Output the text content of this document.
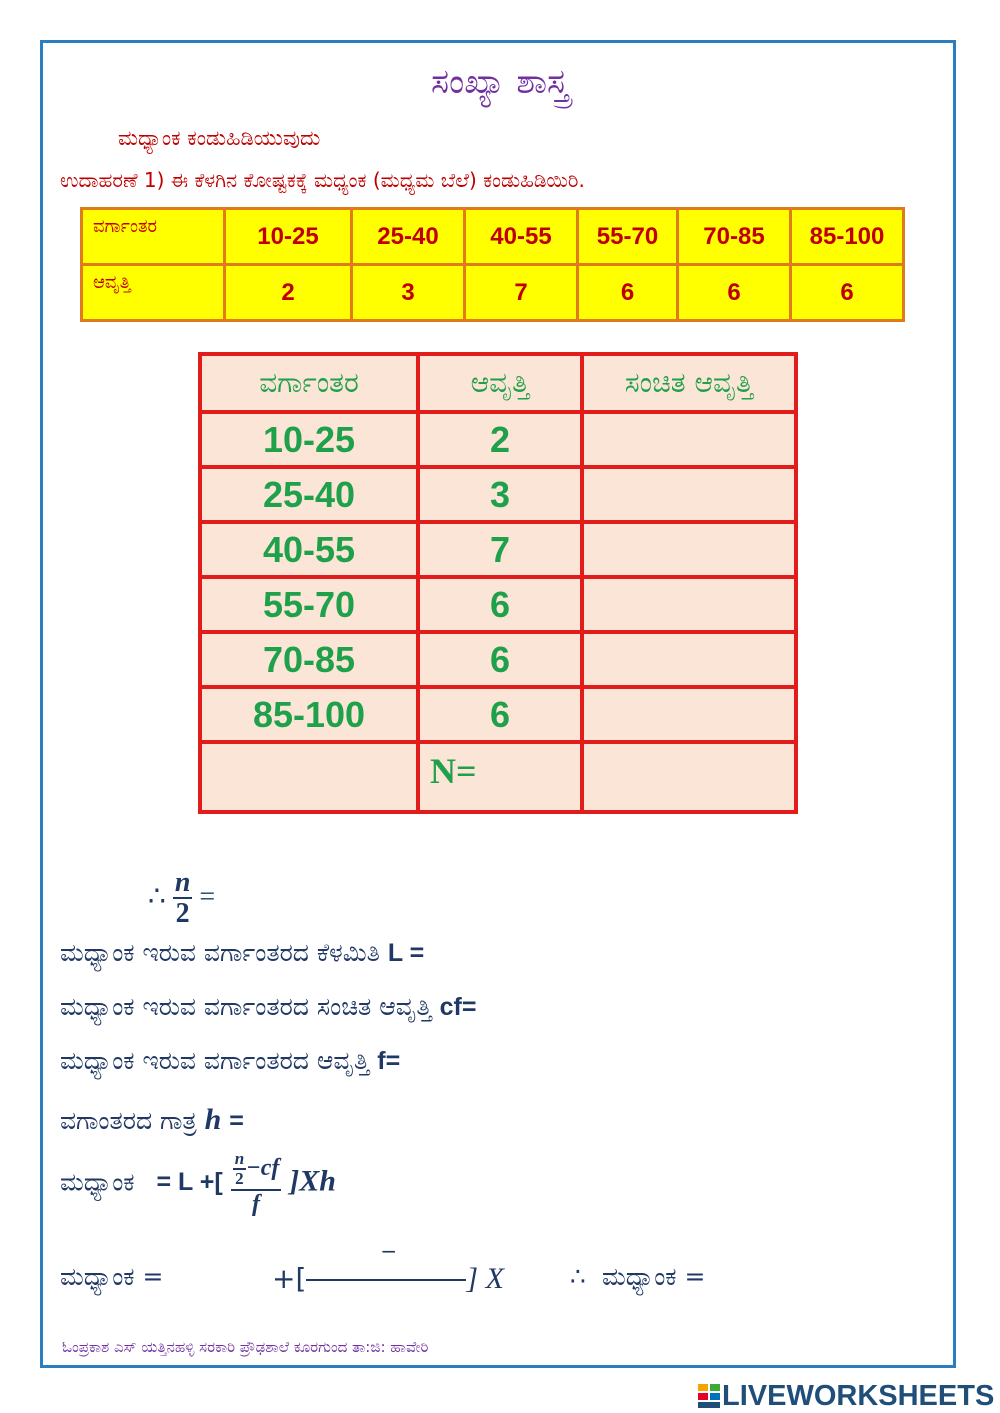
ಸಂಖ್ಯಾ ಶಾಸ್ತ್ರ
ಮಧ್ಯಾಂಕ ಕಂಡುಹಿಡಿಯುವುದು
ಉದಾಹರಣೆ 1) ಈ ಕೆಳಗಿನ ಕೋಷ್ಟಕಕ್ಕೆ ಮಧ್ಯಂಕ (ಮಧ್ಯಮ ಬೆಲೆ) ಕಂಡುಹಿಡಿಯಿರಿ.
ವರ್ಗಾಂತರ	10-25	25-40	40-55	55-70	70-85	85-100
ಆವೃತ್ತಿ	2	3	7	6	6	6
ವರ್ಗಾಂತರ	ಆವೃತ್ತಿ	ಸಂಚಿತ ಆವೃತ್ತಿ
10-25	2	
25-40	3	
40-55	7	
55-70	6	
70-85	6	
85-100	6	
	N=	
∴ $\frac{n}{2}$ =
ಮಧ್ಯಾಂಕ ಇರುವ ವರ್ಗಾಂತರದ ಕೆಳಮಿತಿ L =
ಮಧ್ಯಾಂಕ ಇರುವ ವರ್ಗಾಂತರದ ಸಂಚಿತ ಆವೃತ್ತಿ cf=
ಮಧ್ಯಾಂಕ ಇರುವ ವರ್ಗಾಂತರದ ಆವೃತ್ತಿ f=
ವಗಾಂತರದ ಗಾತ್ರ h =
ಮಧ್ಯಾಂಕ = L +[ $\frac{\frac{n}{2} -cf}{f} ]Xh$
ಮಧ್ಯಾಂಕ =	+[
−
] X	∴ ಮಧ್ಯಾಂಕ =
ಓಂಪ್ರಕಾಶ ಎಸ್ ಯತ್ತಿನಹಳ್ಳಿ ಸರಕಾರಿ ಪ್ರೌಢಶಾಲೆ ಕೂರಗುಂದ ತಾ:ಜಿ: ಹಾವೇರಿ
LIVEWORKSHEETS
